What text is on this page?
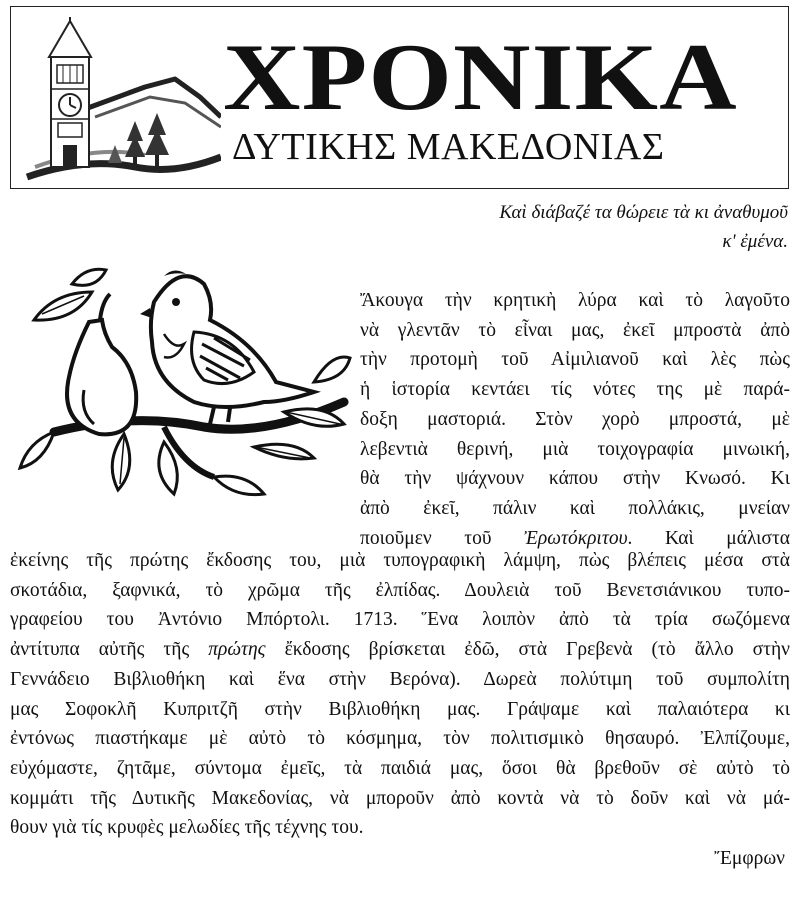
ΧΡΟΝΙΚΑ
ΔΥΤΙΚΗΣ ΜΑΚΕΔΟΝΙΑΣ
Καὶ διάβαζέ τα θώρειε τὰ κι ἀναθυμοῦ
κ' ἐμένα.
Ἄκουγα τὴν κρητικὴ λύρα καὶ τὸ λαγοῦτο
νὰ γλεντᾶν τὸ εἶναι μας, ἐκεῖ μπροστὰ ἀπὸ
τὴν προτομὴ τοῦ Αἰμιλιανοῦ καὶ λὲς πὼς
ἡ ἱστορία κεντάει τίς νότες της μὲ παρά-
δοξη μαστοριά. Στὸν χορὸ μπροστά, μὲ
λεβεντιὰ θερινή, μιὰ τοιχογραφία μινωική,
θὰ τὴν ψάχνουν κάπου στὴν Κνωσό. Κι
ἀπὸ ἐκεῖ, πάλιν καὶ πολλάκις, μνείαν
ποιοῦμεν τοῦ Ἐρωτόκριτου. Καὶ μάλιστα
ἐκείνης τῆς πρώτης ἔκδοσης του, μιὰ τυπογραφικὴ λάμψη, πὼς βλέπεις μέσα στὰ
σκοτάδια, ξαφνικά, τὸ χρῶμα τῆς ἐλπίδας. Δουλειὰ τοῦ Βενετσιάνικου τυπο-
γραφείου του Ἀντόνιο Μπόρτολι. 1713. Ἕνα λοιπὸν ἀπὸ τὰ τρία σωζόμενα
ἀντίτυπα αὐτῆς τῆς πρώτης ἔκδοσης βρίσκεται ἐδῶ, στὰ Γρεβενὰ (τὸ ἄλλο στὴν
Γεννάδειο Βιβλιοθήκη καὶ ἕνα στὴν Βερόνα). Δωρεὰ πολύτιμη τοῦ συμπολίτη
μας Σοφοκλῆ Κυπριτζῆ στὴν Βιβλιοθήκη μας. Γράψαμε καὶ παλαιότερα κι
ἐντόνως πιαστήκαμε μὲ αὐτὸ τὸ κόσμημα, τὸν πολιτισμικὸ θησαυρό. Ἐλπίζουμε,
εὐχόμαστε, ζητᾶμε, σύντομα ἐμεῖς, τὰ παιδιά μας, ὅσοι θὰ βρεθοῦν σὲ αὐτὸ τὸ
κομμάτι τῆς Δυτικῆς Μακεδονίας, νὰ μποροῦν ἀπὸ κοντὰ νὰ τὸ δοῦν καὶ νὰ μά-
θουν γιὰ τίς κρυφὲς μελωδίες τῆς τέχνης του.
Ἔμφρων
